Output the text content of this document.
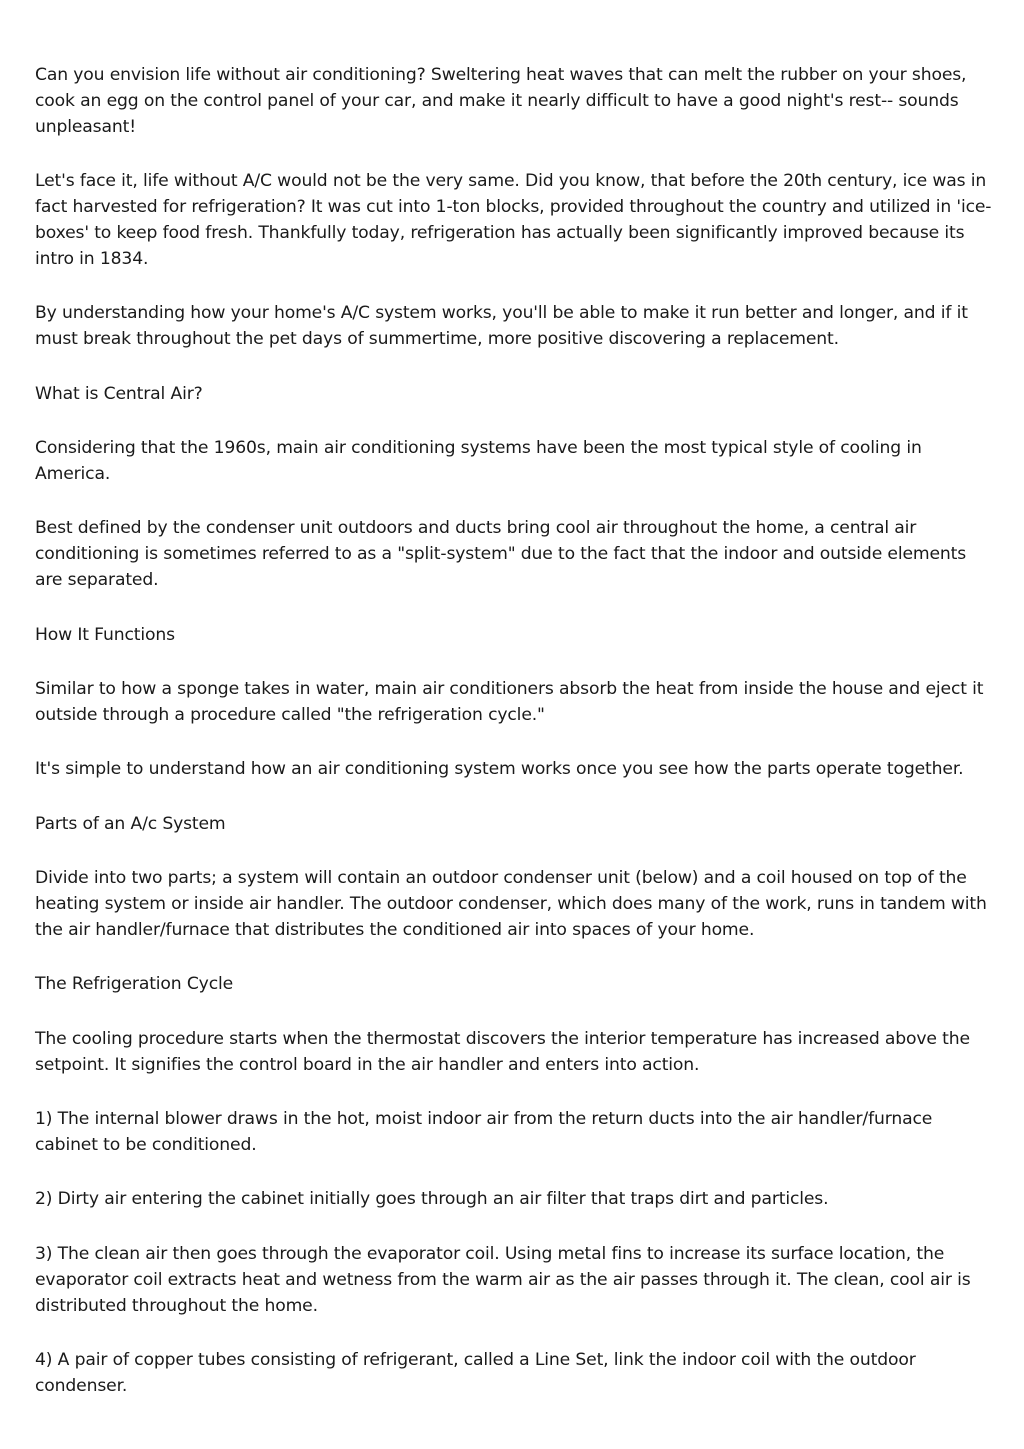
Can you envision life without air conditioning? Sweltering heat waves that can melt the rubber on your shoes, cook an egg on the control panel of your car, and make it nearly difficult to have a good night's rest-- sounds unpleasant!

Let's face it, life without A/C would not be the very same. Did you know, that before the 20th century, ice was in fact harvested for refrigeration? It was cut into 1-ton blocks, provided throughout the country and utilized in 'ice-boxes' to keep food fresh. Thankfully today, refrigeration has actually been significantly improved because its intro in 1834.

By understanding how your home's A/C system works, you'll be able to make it run better and longer, and if it must break throughout the pet days of summertime, more positive discovering a replacement.

What is Central Air?

Considering that the 1960s, main air conditioning systems have been the most typical style of cooling in America.

Best defined by the condenser unit outdoors and ducts bring cool air throughout the home, a central air conditioning is sometimes referred to as a "split-system" due to the fact that the indoor and outside elements are separated.

How It Functions

Similar to how a sponge takes in water, main air conditioners absorb the heat from inside the house and eject it outside through a procedure called "the refrigeration cycle."

It's simple to understand how an air conditioning system works once you see how the parts operate together.

Parts of an A/c System

Divide into two parts; a system will contain an outdoor condenser unit (below) and a coil housed on top of the heating system or inside air handler. The outdoor condenser, which does many of the work, runs in tandem with the air handler/furnace that distributes the conditioned air into spaces of your home.

The Refrigeration Cycle

The cooling procedure starts when the thermostat discovers the interior temperature has increased above the setpoint. It signifies the control board in the air handler and enters into action.

1) The internal blower draws in the hot, moist indoor air from the return ducts into the air handler/furnace cabinet to be conditioned.

2) Dirty air entering the cabinet initially goes through an air filter that traps dirt and particles.

3) The clean air then goes through the evaporator coil. Using metal fins to increase its surface location, the evaporator coil extracts heat and wetness from the warm air as the air passes through it. The clean, cool air is distributed throughout the home.

4) A pair of copper tubes consisting of refrigerant, called a Line Set, link the indoor coil with the outdoor condenser.
